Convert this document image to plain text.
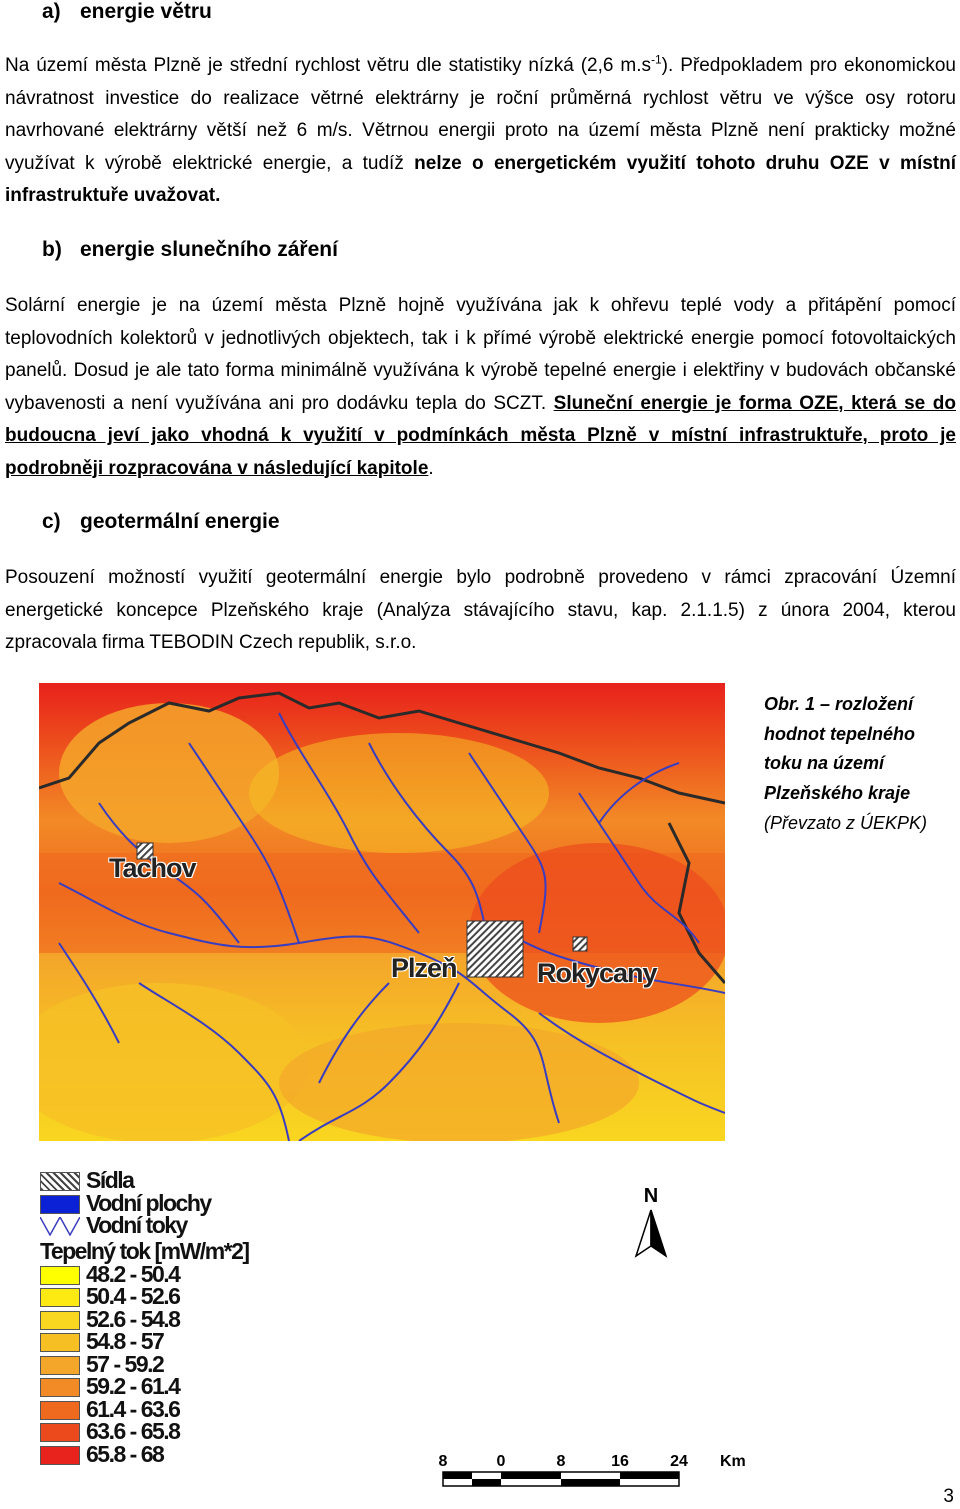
a) energie větru

Na území města Plzně je střední rychlost větru dle statistiky nízká (2,6 $m.s^{-1}$). Předpokladem pro ekonomickou návratnost investice do realizace větrné elektrárny je roční průměrná rychlost větru ve výšce osy rotoru navrhované elektrárny větší než 6 m/s. Větrnou energii proto na území města Plzně není prakticky možné využívat k výrobě elektrické energie, a tudíž nelze o energetickém využití tohoto druhu OZE v místní infrastruktuře uvažovat.

b) energie slunečního záření

Solární energie je na území města Plzně hojně využívána jak k ohřevu teplé vody a přitápění pomocí teplovodních kolektorů v jednotlivých objektech, tak i k přímé výrobě elektrické energie pomocí fotovoltaických panelů. Dosud je ale tato forma minimálně využívána k výrobě tepelné energie i elektřiny v budovách občanské vybavenosti a není využívána ani pro dodávku tepla do SCZT. Sluneční energie je forma OZE, která se do budoucna jeví jako vhodná k využití v podmínkách města Plzně v místní infrastruktuře, proto je podrobněji rozpracována v následující kapitole.

c) geotermální energie

Posouzení možností využití geotermální energie bylo podrobně provedeno v rámci zpracování Územní energetické koncepce Plzeňského kraje (Analýza stávajícího stavu, kap. 2.1.1.5) z února 2004, kterou zpracovala firma TEBODIN Czech republik, s.r.o.

Tachov
Plzeň	Rokycany

Obr. 1 – rozložení hodnot tepelného toku na území Plzeňského kraje
(Převzato z ÚEKPK)

Sídla
Vodní plochy
Vodní toky
Tepelný tok [mW/m*2]
48.2 - 50.4
50.4 - 52.6
52.6 - 54.8
54.8 - 57
57 - 59.2
59.2 - 61.4
61.4 - 63.6
63.6 - 65.8
65.8 - 68
N
8	0	8	16	24 Km

3
